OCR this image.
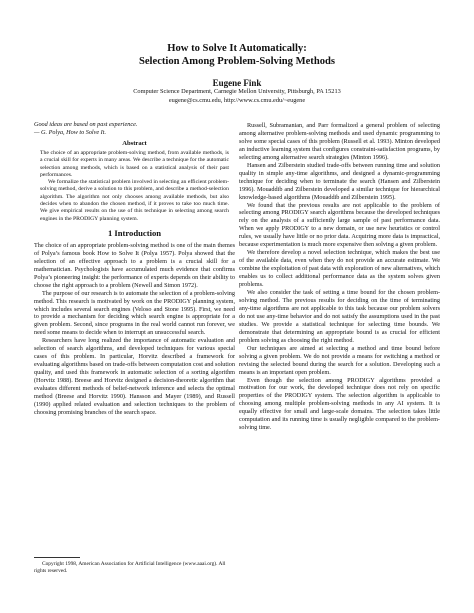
How to Solve It Automatically:
Selection Among Problem-Solving Methods
Eugene Fink
Computer Science Department, Carnegie Mellon University, Pittsburgh, PA 15213
eugene@cs.cmu.edu, http://www.cs.cmu.edu/~eugene
Good ideas are based on past experience.
— G. Polya, How to Solve It.
Abstract

The choice of an appropriate problem-solving method, from available methods, is a crucial skill for experts in many areas. We describe a technique for the automatic selection among methods, which is based on a statistical analysis of their past performances.

We formalize the statistical problem involved in selecting an efficient problem-solving method, derive a solution to this problem, and describe a method-selection algorithm. The algorithm not only chooses among available methods, but also decides when to abandon the chosen method, if it proves to take too much time. We give empirical results on the use of this technique in selecting among search engines in the PRODIGY planning system.

1 Introduction

The choice of an appropriate problem-solving method is one of the main themes of Polya’s famous book How to Solve It (Polya 1957). Polya showed that the selection of an effective approach to a problem is a crucial skill for a mathematician. Psychologists have accumulated much evidence that confirms Polya’s pioneering insight: the performance of experts depends on their ability to choose the right approach to a problem (Newell and Simon 1972).

The purpose of our research is to automate the selection of a problem-solving method. This research is motivated by work on the PRODIGY planning system, which includes several search engines (Veloso and Stone 1995). First, we need to provide a mechanism for deciding which search engine is appropriate for a given problem. Second, since programs in the real world cannot run forever, we need some means to decide when to interrupt an unsuccessful search.

Researchers have long realized the importance of automatic evaluation and selection of search algorithms, and developed techniques for various special cases of this problem. In particular, Horvitz described a framework for evaluating algorithms based on trade-offs between computation cost and solution quality, and used this framework in automatic selection of a sorting algorithm (Horvitz 1988). Breese and Horvitz designed a decision-theoretic algorithm that evaluates different methods of belief-network inference and selects the optimal method (Breese and Horvitz 1990). Hansson and Mayer (1989), and Russell (1990) applied related evaluation and selection techniques to the problem of choosing promising branches of the search space.

Russell, Subramanian, and Parr formalized a general problem of selecting among alternative problem-solving methods and used dynamic programming to solve some special cases of this problem (Russell et al. 1993). Minton developed an inductive learning system that configures constraint-satisfaction programs, by selecting among alternative search strategies (Minton 1996).

Hansen and Zilberstein studied trade-offs between running time and solution quality in simple any-time algorithms, and designed a dynamic-programming technique for deciding when to terminate the search (Hansen and Zilberstein 1996). Mouaddib and Zilberstein developed a similar technique for hierarchical knowledge-based algorithms (Mouaddib and Zilberstein 1995).

We found that the previous results are not applicable to the problem of selecting among PRODIGY search algorithms because the developed techniques rely on the analysis of a sufficiently large sample of past performance data. When we apply PRODIGY to a new domain, or use new heuristics or control rules, we usually have little or no prior data. Acquiring more data is impractical, because experimentation is much more expensive then solving a given problem.

We therefore develop a novel selection technique, which makes the best use of the available data, even when they do not provide an accurate estimate. We combine the exploitation of past data with exploration of new alternatives, which enables us to collect additional performance data as the system solves given problems.

We also consider the task of setting a time bound for the chosen problem-solving method. The previous results for deciding on the time of terminating any-time algorithms are not applicable to this task because our problem solvers do not use any-time behavior and do not satisfy the assumptions used in the past studies. We provide a statistical technique for selecting time bounds. We demonstrate that determining an appropriate bound is as crucial for efficient problem solving as choosing the right method.

Our techniques are aimed at selecting a method and time bound before solving a given problem. We do not provide a means for switching a method or revising the selected bound during the search for a solution. Developing such a means is an important open problem.

Even though the selection among PRODIGY algorithms provided a motivation for our work, the developed technique does not rely on specific properties of the PRODIGY system. The selection algorithm is applicable to choosing among multiple problem-solving methods in any AI system. It is equally effective for small and large-scale domains. The selection takes little computation and its running time is usually negligible compared to the problem-solving time.

Copyright 1998, American Association for Artificial Intelligence (www.aaai.org). All rights reserved.
